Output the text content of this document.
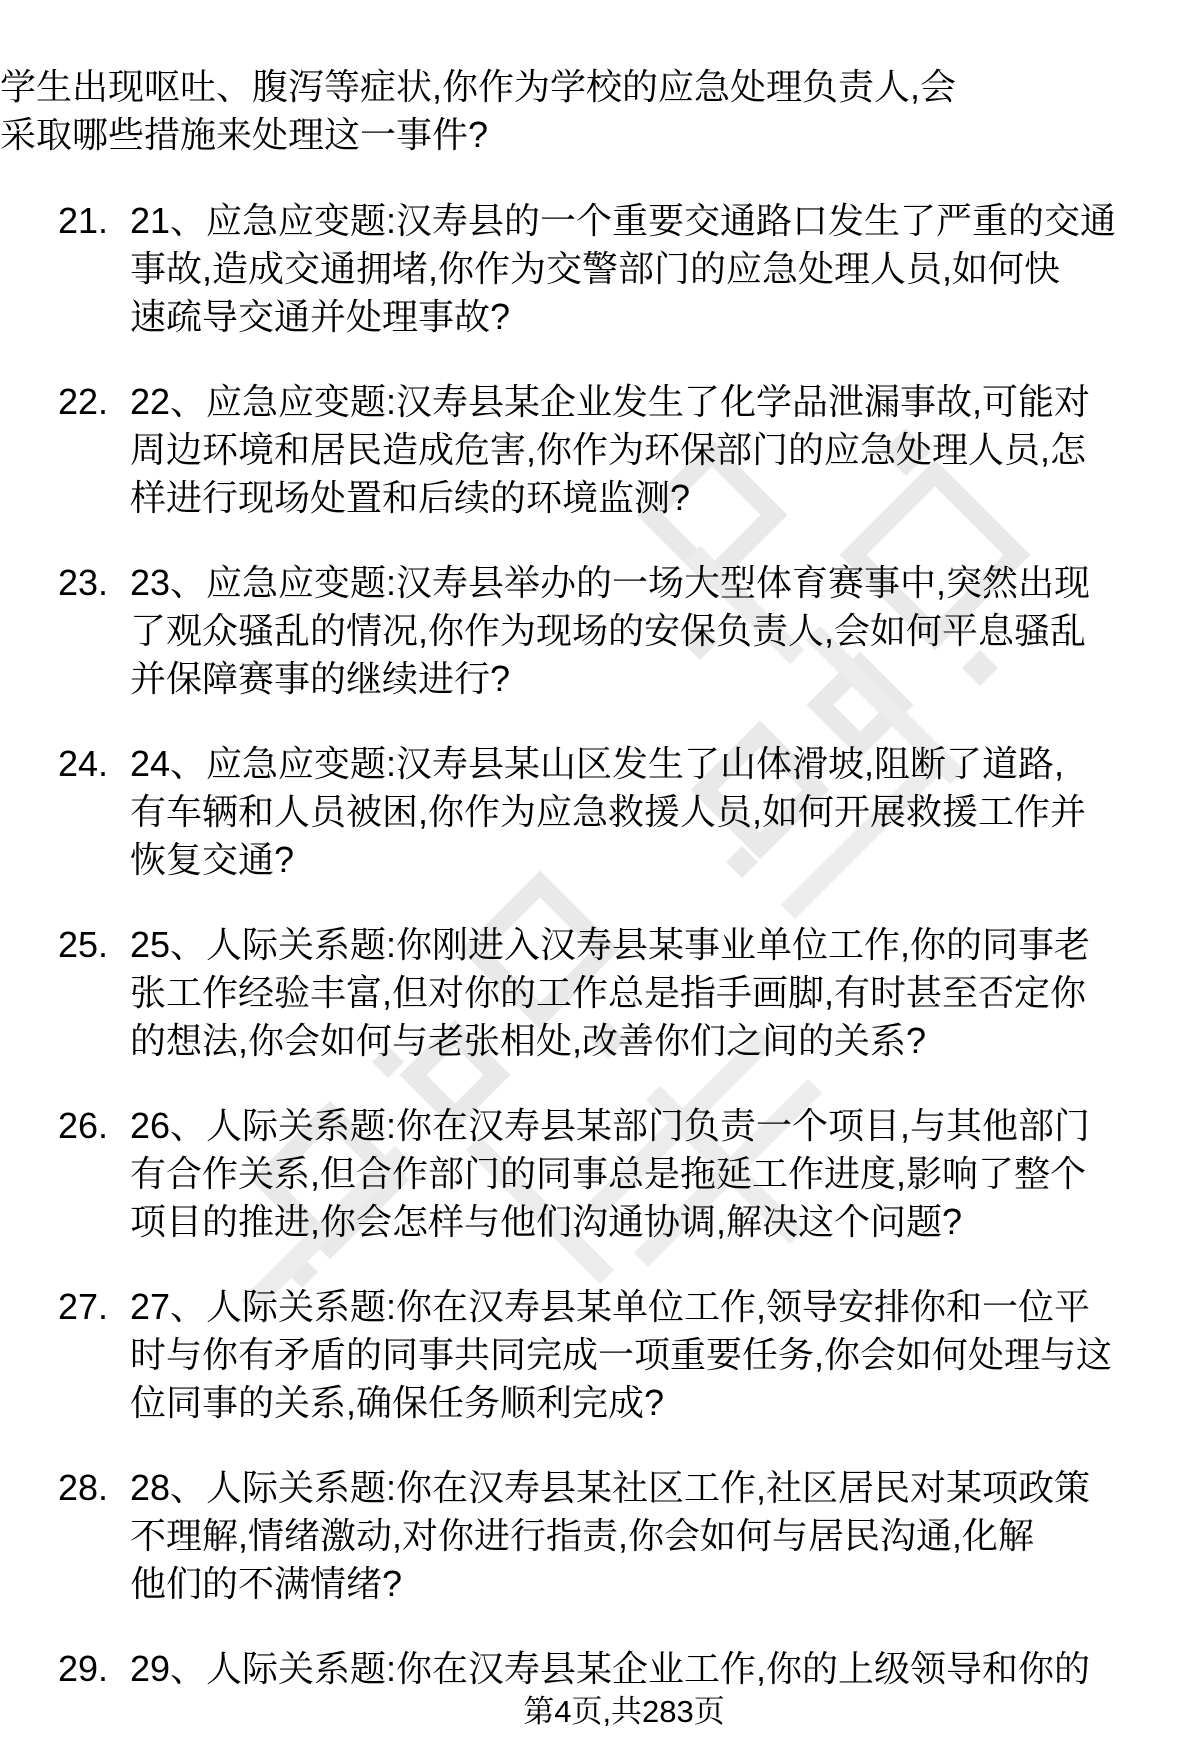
学生出现呕吐、腹泻等症状,你作为学校的应急处理负责人,会
采取哪些措施来处理这一事件?
21. 21、应急应变题:汉寿县的一个重要交通路口发生了严重的交通
事故,造成交通拥堵,你作为交警部门的应急处理人员,如何快
速疏导交通并处理事故?
22. 22、应急应变题:汉寿县某企业发生了化学品泄漏事故,可能对
周边环境和居民造成危害,你作为环保部门的应急处理人员,怎
样进行现场处置和后续的环境监测?
23. 23、应急应变题:汉寿县举办的一场大型体育赛事中,突然出现
了观众骚乱的情况,你作为现场的安保负责人,会如何平息骚乱
并保障赛事的继续进行?
24. 24、应急应变题:汉寿县某山区发生了山体滑坡,阻断了道路,
有车辆和人员被困,你作为应急救援人员,如何开展救援工作并
恢复交通?
25. 25、人际关系题:你刚进入汉寿县某事业单位工作,你的同事老
张工作经验丰富,但对你的工作总是指手画脚,有时甚至否定你
的想法,你会如何与老张相处,改善你们之间的关系?
26. 26、人际关系题:你在汉寿县某部门负责一个项目,与其他部门
有合作关系,但合作部门的同事总是拖延工作进度,影响了整个
项目的推进,你会怎样与他们沟通协调,解决这个问题?
27. 27、人际关系题:你在汉寿县某单位工作,领导安排你和一位平
时与你有矛盾的同事共同完成一项重要任务,你会如何处理与这
位同事的关系,确保任务顺利完成?
28. 28、人际关系题:你在汉寿县某社区工作,社区居民对某项政策
不理解,情绪激动,对你进行指责,你会如何与居民沟通,化解
他们的不满情绪?
29. 29、人际关系题:你在汉寿县某企业工作,你的上级领导和你的
第4页,共283页
